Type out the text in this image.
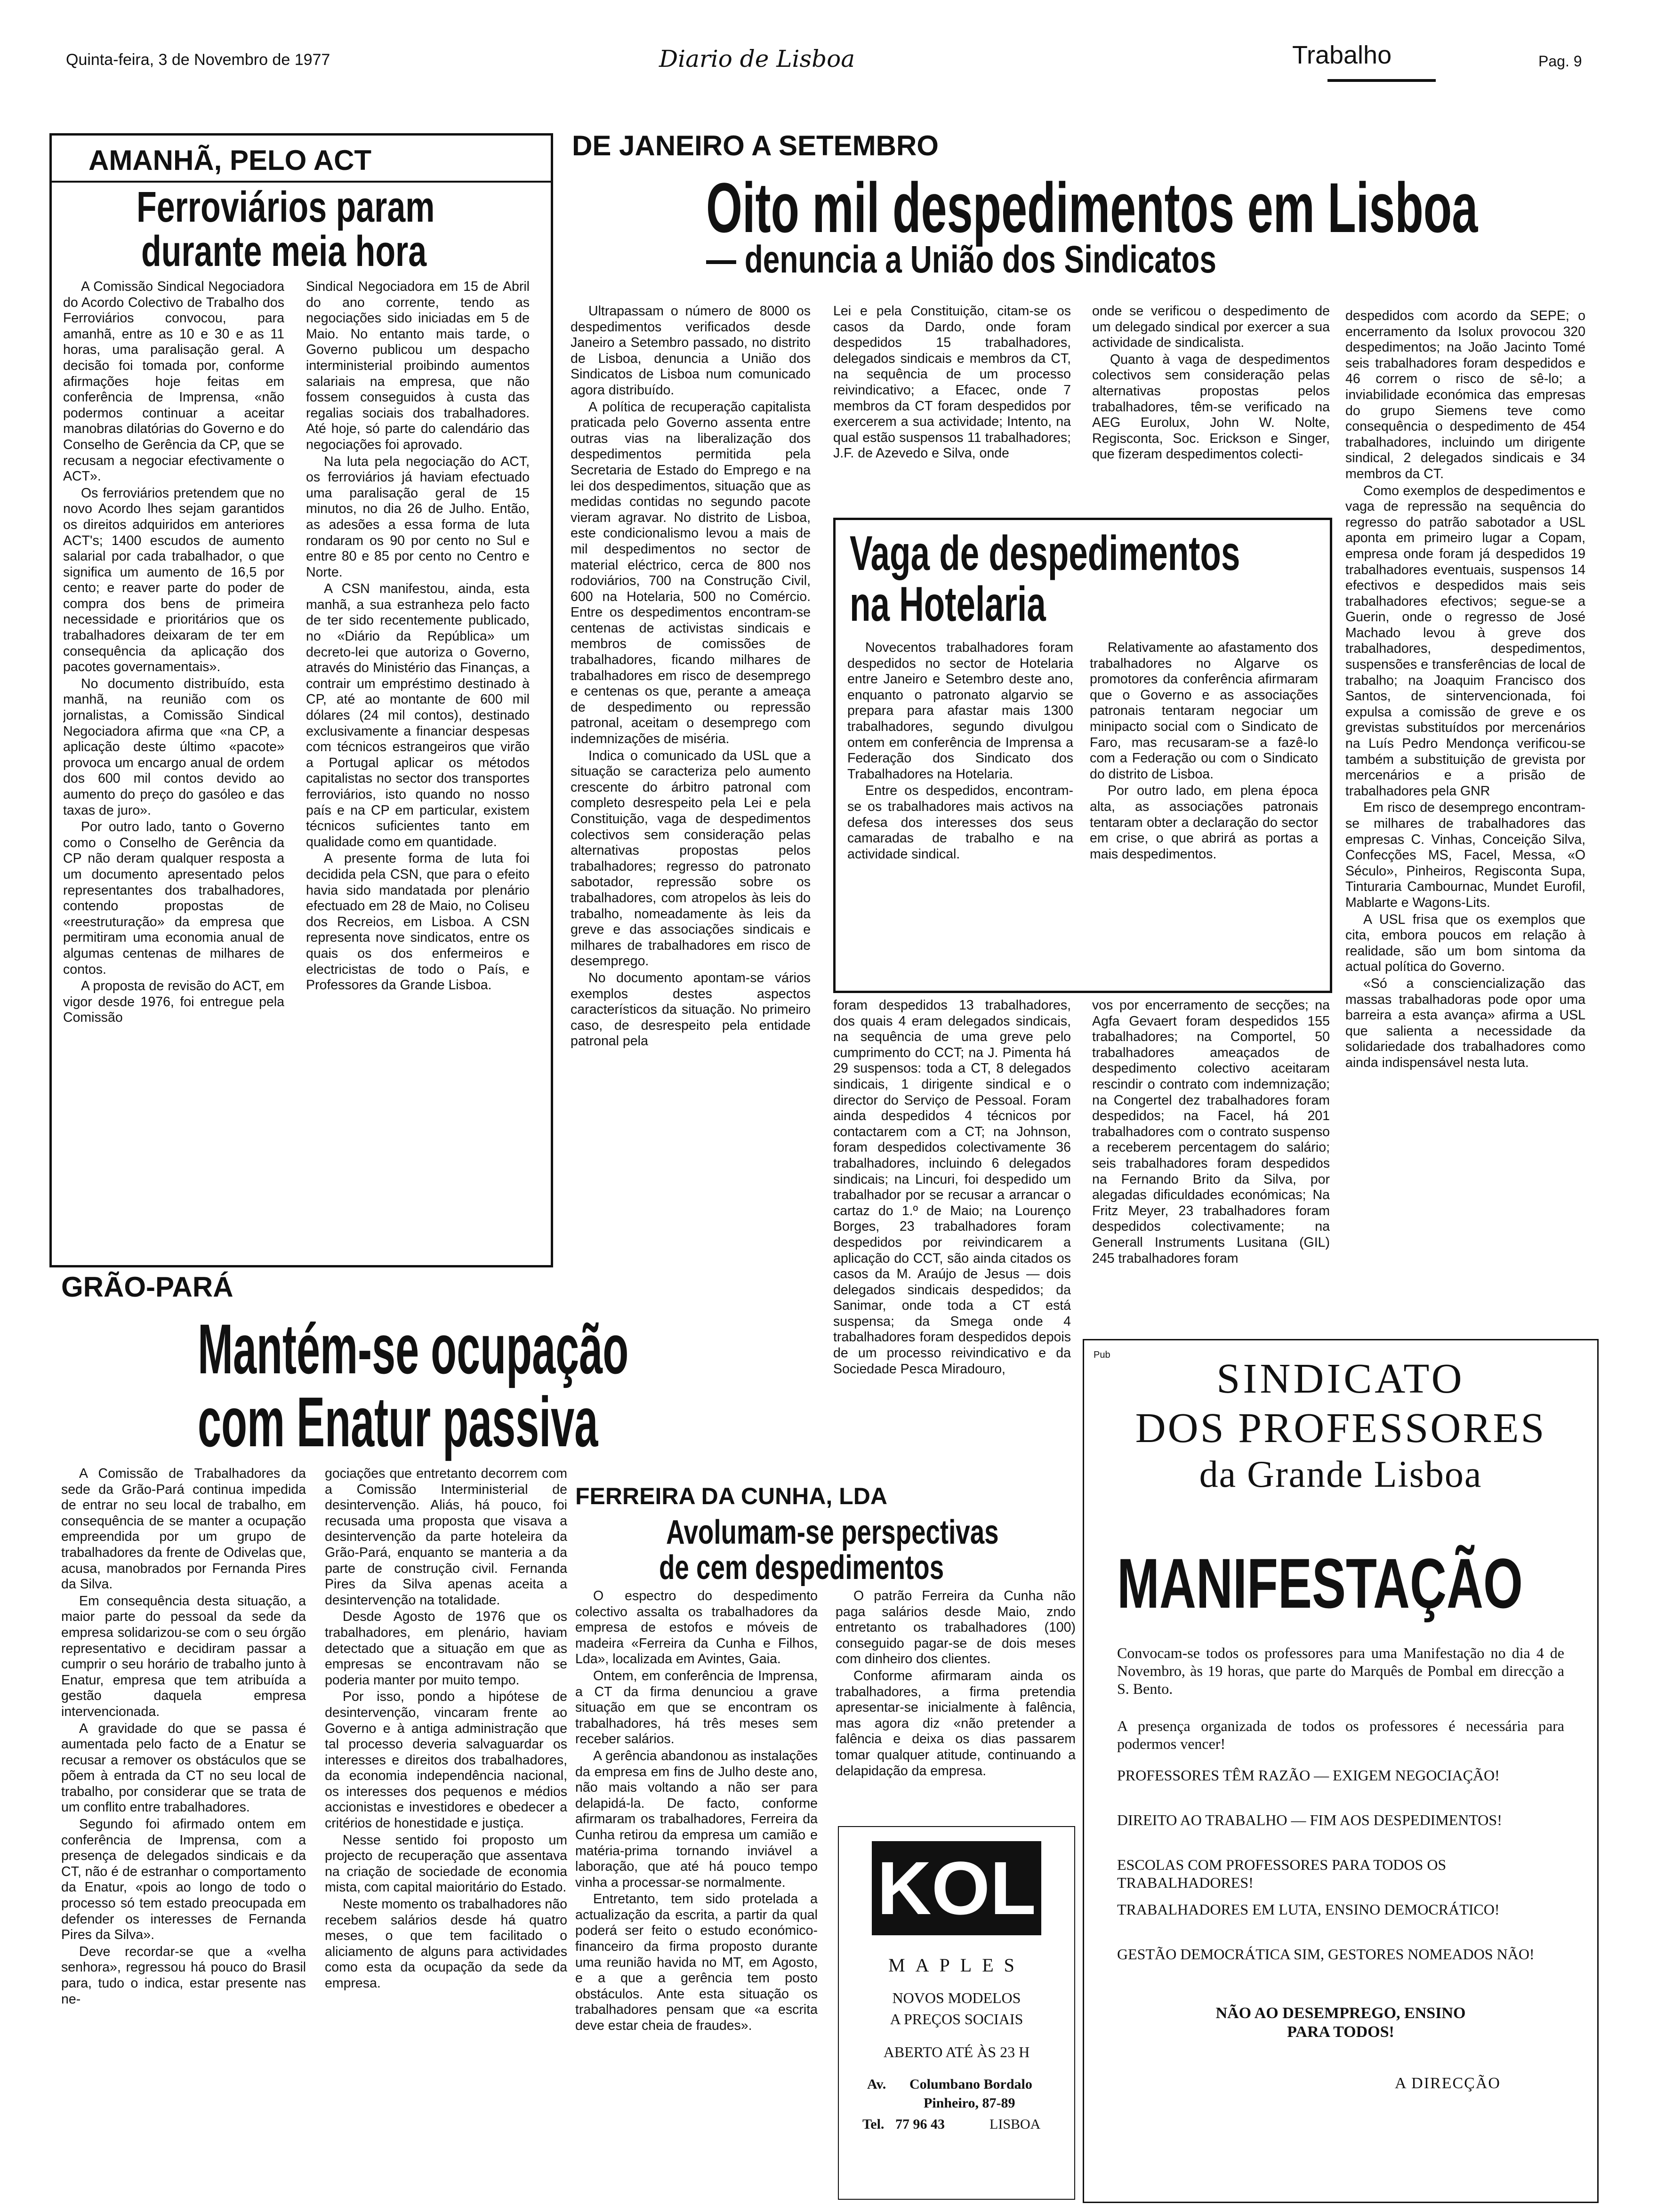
Quinta-feira, 3 de Novembro de 1977	Diario de Lisboa	Trabalho	Pag. 9
AMANHÃ, PELO ACT
Ferroviários param
durante meia hora

A Comissão Sindical Negociadora do Acordo Colectivo de Trabalho dos Ferroviários convocou, para amanhã, entre as 10 e 30 e as 11 horas, uma paralisação geral. A decisão foi tomada por, conforme afirmações hoje feitas em conferência de Imprensa, «não podermos continuar a aceitar manobras dilatórias do Governo e do Conselho de Gerência da CP, que se recusam a negociar efectivamente o ACT».

Os ferroviários pretendem que no novo Acordo lhes sejam garantidos os direitos adquiridos em anteriores ACT's; 1400 escudos de aumento salarial por cada trabalhador, o que significa um aumento de 16,5 por cento; e reaver parte do poder de compra dos bens de primeira necessidade e prioritários que os trabalhadores deixaram de ter em consequência da aplicação dos pacotes governamentais».

No documento distribuído, esta manhã, na reunião com os jornalistas, a Comissão Sindical Negociadora afirma que «na CP, a aplicação deste último «pacote» provoca um encargo anual de ordem dos 600 mil contos devido ao aumento do preço do gasóleo e das taxas de juro».

Por outro lado, tanto o Governo como o Conselho de Gerência da CP não deram qualquer resposta a um documento apresentado pelos representantes dos trabalhadores, contendo propostas de «reestruturação» da empresa que permitiram uma economia anual de algumas centenas de milhares de contos.

A proposta de revisão do ACT, em vigor desde 1976, foi entregue pela Comissão

Sindical Negociadora em 15 de Abril do ano corrente, tendo as negociações sido iniciadas em 5 de Maio. No entanto mais tarde, o Governo publicou um despacho interministerial proibindo aumentos salariais na empresa, que não fossem conseguidos à custa das regalias sociais dos trabalhadores. Até hoje, só parte do calendário das negociações foi aprovado.

Na luta pela negociação do ACT, os ferroviários já haviam efectuado uma paralisação geral de 15 minutos, no dia 26 de Julho. Então, as adesões a essa forma de luta rondaram os 90 por cento no Sul e entre 80 e 85 por cento no Centro e Norte.

A CSN manifestou, ainda, esta manhã, a sua estranheza pelo facto de ter sido recentemente publicado, no «Diário da República» um decreto-lei que autoriza o Governo, através do Ministério das Finanças, a contrair um empréstimo destinado à CP, até ao montante de 600 mil dólares (24 mil contos), destinado exclusivamente a financiar despesas com técnicos estrangeiros que virão a Portugal aplicar os métodos capitalistas no sector dos transportes ferroviários, isto quando no nosso país e na CP em particular, existem técnicos suficientes tanto em qualidade como em quantidade.

A presente forma de luta foi decidida pela CSN, que para o efeito havia sido mandatada por plenário efectuado em 28 de Maio, no Coliseu dos Recreios, em Lisboa. A CSN representa nove sindicatos, entre os quais os dos enfermeiros e electricistas de todo o País, e Professores da Grande Lisboa.

DE JANEIRO A SETEMBRO
Oito mil despedimentos em Lisboa
— denuncia a União dos Sindicatos

Ultrapassam o número de 8000 os despedimentos verificados desde Janeiro a Setembro passado, no distrito de Lisboa, denuncia a União dos Sindicatos de Lisboa num comunicado agora distribuído.

A política de recuperação capitalista praticada pelo Governo assenta entre outras vias na liberalização dos despedimentos permitida pela Secretaria de Estado do Emprego e na lei dos despedimentos, situação que as medidas contidas no segundo pacote vieram agravar. No distrito de Lisboa, este condicionalismo levou a mais de mil despedimentos no sector de material eléctrico, cerca de 800 nos rodoviários, 700 na Construção Civil, 600 na Hotelaria, 500 no Comércio. Entre os despedimentos encontram-se centenas de activistas sindicais e membros de comissões de trabalhadores, ficando milhares de trabalhadores em risco de desemprego e centenas os que, perante a ameaça de despedimento ou repressão patronal, aceitam o desemprego com indemnizações de miséria.

Indica o comunicado da USL que a situação se caracteriza pelo aumento crescente do árbitro patronal com completo desrespeito pela Lei e pela Constituição, vaga de despedimentos colectivos sem consideração pelas alternativas propostas pelos trabalhadores; regresso do patronato sabotador, repressão sobre os trabalhadores, com atropelos às leis do trabalho, nomeadamente às leis da greve e das associações sindicais e milhares de trabalhadores em risco de desemprego.

No documento apontam-se vários exemplos destes aspectos característicos da situação. No primeiro caso, de desrespeito pela entidade patronal pela

Lei e pela Constituição, citam-se os casos da Dardo, onde foram despedidos 15 trabalhadores, delegados sindicais e membros da CT, na sequência de um processo reivindicativo; a Efacec, onde 7 membros da CT foram despedidos por exercerem a sua actividade; Intento, na qual estão suspensos 11 trabalhadores; J.F. de Azevedo e Silva, onde

onde se verificou o despedimento de um delegado sindical por exercer a sua actividade de sindicalista.

Quanto à vaga de despedimentos colectivos sem consideração pelas alternativas propostas pelos trabalhadores, têm-se verificado na AEG Eurolux, John W. Nolte, Regisconta, Soc. Erickson e Singer, que fizeram despedimentos colecti-

despedidos com acordo da SEPE; o encerramento da Isolux provocou 320 despedimentos; na João Jacinto Tomé seis trabalhadores foram despedidos e 46 correm o risco de sê-lo; a inviabilidade económica das empresas do grupo Siemens teve como consequência o despedimento de 454 trabalhadores, incluindo um dirigente sindical, 2 delegados sindicais e 34 membros da CT.

Como exemplos de despedimentos e vaga de repressão na sequência do regresso do patrão sabotador a USL aponta em primeiro lugar a Copam, empresa onde foram já despedidos 19 trabalhadores eventuais, suspensos 14 efectivos e despedidos mais seis trabalhadores efectivos; segue-se a Guerin, onde o regresso de José Machado levou à greve dos trabalhadores, despedimentos, suspensões e transferências de local de trabalho; na Joaquim Francisco dos Santos, de sintervencionada, foi expulsa a comissão de greve e os grevistas substituídos por mercenários na Luís Pedro Mendonça verificou-se também a substituição de grevista por mercenários e a prisão de trabalhadores pela GNR

Em risco de desemprego encontram-se milhares de trabalhadores das empresas C. Vinhas, Conceição Silva, Confecções MS, Facel, Messa, «O Século», Pinheiros, Regisconta Supa, Tinturaria Cambournac, Mundet Eurofil, Mablarte e Wagons-Lits.

A USL frisa que os exemplos que cita, embora poucos em relação à realidade, são um bom sintoma da actual política do Governo.

«Só a consciencialização das massas trabalhadoras pode opor uma barreira a esta avança» afirma a USL que salienta a necessidade da solidariedade dos trabalhadores como ainda indispensável nesta luta.

Vaga de despedimentos
na Hotelaria

Novecentos trabalhadores foram despedidos no sector de Hotelaria entre Janeiro e Setembro deste ano, enquanto o patronato algarvio se prepara para afastar mais 1300 trabalhadores, segundo divulgou ontem em conferência de Imprensa a Federação dos Sindicato dos Trabalhadores na Hotelaria.

Entre os despedidos, encontram-se os trabalhadores mais activos na defesa dos interesses dos seus camaradas de trabalho e na actividade sindical.

Relativamente ao afastamento dos trabalhadores no Algarve os promotores da conferência afirmaram que o Governo e as associações patronais tentaram negociar um minipacto social com o Sindicato de Faro, mas recusaram-se a fazê-lo com a Federação ou com o Sindicato do distrito de Lisboa.

Por outro lado, em plena época alta, as associações patronais tentaram obter a declaração do sector em crise, o que abrirá as portas a mais despedimentos.

foram despedidos 13 trabalhadores, dos quais 4 eram delegados sindicais, na sequência de uma greve pelo cumprimento do CCT; na J. Pimenta há 29 suspensos: toda a CT, 8 delegados sindicais, 1 dirigente sindical e o director do Serviço de Pessoal. Foram ainda despedidos 4 técnicos por contactarem com a CT; na Johnson, foram despedidos colectivamente 36 trabalhadores, incluindo 6 delegados sindicais; na Lincuri, foi despedido um trabalhador por se recusar a arrancar o cartaz do 1.º de Maio; na Lourenço Borges, 23 trabalhadores foram despedidos por reivindicarem a aplicação do CCT, são ainda citados os casos da M. Araújo de Jesus — dois delegados sindicais despedidos; da Sanimar, onde toda a CT está suspensa; da Smega onde 4 trabalhadores foram despedidos depois de um processo reivindicativo e da Sociedade Pesca Miradouro,

vos por encerramento de secções; na Agfa Gevaert foram despedidos 155 trabalhadores; na Comportel, 50 trabalhadores ameaçados de despedimento colectivo aceitaram rescindir o contrato com indemnização; na Congertel dez trabalhadores foram despedidos; na Facel, há 201 trabalhadores com o contrato suspenso a receberem percentagem do salário; seis trabalhadores foram despedidos na Fernando Brito da Silva, por alegadas dificuldades económicas; Na Fritz Meyer, 23 trabalhadores foram despedidos colectivamente; na Generall Instruments Lusitana (GIL) 245 trabalhadores foram

GRÃO-PARÁ
Mantém-se ocupação
com Enatur passiva

A Comissão de Trabalhadores da sede da Grão-Pará continua impedida de entrar no seu local de trabalho, em consequência de se manter a ocupação empreendida por um grupo de trabalhadores da frente de Odivelas que, acusa, manobrados por Fernanda Pires da Silva.

Em consequência desta situação, a maior parte do pessoal da sede da empresa solidarizou-se com o seu órgão representativo e decidiram passar a cumprir o seu horário de trabalho junto à Enatur, empresa que tem atribuída a gestão daquela empresa intervencionada.

A gravidade do que se passa é aumentada pelo facto de a Enatur se recusar a remover os obstáculos que se põem à entrada da CT no seu local de trabalho, por considerar que se trata de um conflito entre trabalhadores.

Segundo foi afirmado ontem em conferência de Imprensa, com a presença de delegados sindicais e da CT, não é de estranhar o comportamento da Enatur, «pois ao longo de todo o processo só tem estado preocupada em defender os interesses de Fernanda Pires da Silva».

Deve recordar-se que a «velha senhora», regressou há pouco do Brasil para, tudo o indica, estar presente nas ne-

gociações que entretanto decorrem com a Comissão Interministerial de desintervenção. Aliás, há pouco, foi recusada uma proposta que visava a desintervenção da parte hoteleira da Grão-Pará, enquanto se manteria a da parte de construção civil. Fernanda Pires da Silva apenas aceita a desintervenção na totalidade.

Desde Agosto de 1976 que os trabalhadores, em plenário, haviam detectado que a situação em que as empresas se encontravam não se poderia manter por muito tempo.

Por isso, pondo a hipótese de desintervenção, vincaram frente ao Governo e à antiga administração que tal processo deveria salvaguardar os interesses e direitos dos trabalhadores, da economia independência nacional, os interesses dos pequenos e médios accionistas e investidores e obedecer a critérios de honestidade e justiça.

Nesse sentido foi proposto um projecto de recuperação que assentava na criação de sociedade de economia mista, com capital maioritário do Estado.

Neste momento os trabalhadores não recebem salários desde há quatro meses, o que tem facilitado o aliciamento de alguns para actividades como esta da ocupação da sede da empresa.

FERREIRA DA CUNHA, LDA
Avolumam-se perspectivas
de cem despedimentos

O espectro do despedimento colectivo assalta os trabalhadores da empresa de estofos e móveis de madeira «Ferreira da Cunha e Filhos, Lda», localizada em Avintes, Gaia.

Ontem, em conferência de Imprensa, a CT da firma denunciou a grave situação em que se encontram os trabalhadores, há três meses sem receber salários.

A gerência abandonou as instalações da empresa em fins de Julho deste ano, não mais voltando a não ser para delapidá-la. De facto, conforme afirmaram os trabalhadores, Ferreira da Cunha retirou da empresa um camião e matéria-prima tornando inviável a laboração, que até há pouco tempo vinha a processar-se normalmente.

Entretanto, tem sido protelada a actualização da escrita, a partir da qual poderá ser feito o estudo económico-financeiro da firma proposto durante uma reunião havida no MT, em Agosto, e a que a gerência tem posto obstáculos. Ante esta situação os trabalhadores pensam que «a escrita deve estar cheia de fraudes».

O patrão Ferreira da Cunha não paga salários desde Maio, zndo entretanto os trabalhadores (100) conseguido pagar-se de dois meses com dinheiro dos clientes.

Conforme afirmaram ainda os trabalhadores, a firma pretendia apresentar-se inicialmente à falência, mas agora diz «não pretender a falência e deixa os dias passarem tomar qualquer atitude, continuando a delapidação da empresa.

KOL
MAPLES
NOVOS MODELOS
A PREÇOS SOCIAIS
ABERTO ATÉ ÀS 23 H
Av. Columbano Bordalo
Pinheiro, 87-89
Tel. 77 96 43	LISBOA
Pub
SINDICATO
DOS PROFESSORES
da Grande Lisboa
MANIFESTAÇÃO
Convocam-se todos os professores para uma Manifestação no dia 4 de Novembro, às 19 horas, que parte do Marquês de Pombal em direcção a S. Bento.
A presença organizada de todos os professores é necessária para podermos vencer!
PROFESSORES TÊM RAZÃO — EXIGEM NEGOCIAÇÃO!
DIREITO AO TRABALHO — FIM AOS DESPEDIMENTOS!
ESCOLAS COM PROFESSORES PARA TODOS OS TRABALHADORES!
TRABALHADORES EM LUTA, ENSINO DEMOCRÁTICO!
GESTÃO DEMOCRÁTICA SIM, GESTORES NOMEADOS NÃO!
NÃO AO DESEMPREGO, ENSINO PARA TODOS!
A DIRECÇÃO
